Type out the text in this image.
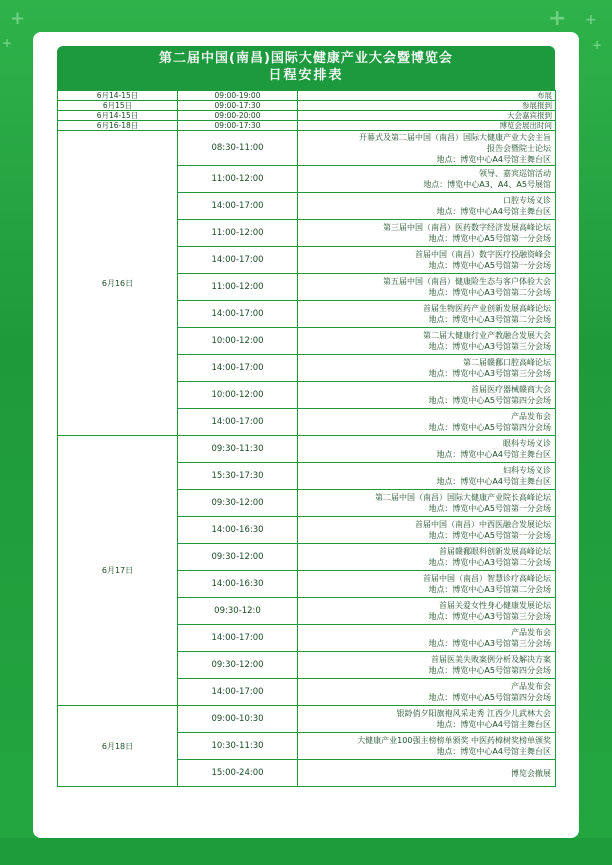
+
+
+ +
+
第二届中国(南昌)国际大健康产业大会暨博览会
日程安排表
6月14-15日	09:00-19:00	布展
6月15日	09:00-17:30	参展报到
6月14-15日	09:00-20:00	大会嘉宾报到
6月16-18日	09:00-17:30	博览会展出时间
6月16日	08:30-11:00	开幕式及第二届中国（南昌）国际大健康产业大会主旨
报告会暨院士论坛
地点：博览中心A4号馆主舞台区

	11:00-12:00	领导、嘉宾巡馆活动
地点：博览中心A3、A4、A5号展馆

	14:00-17:00	口腔专场义诊
地点：博览中心A4号馆主舞台区

	11:00-12:00	第三届中国（南昌）医药数字经济发展高峰论坛
地点：博览中心A5号馆第一分会场

	14:00-17:00	首届中国（南昌）数字医疗投融资峰会
地点：博览中心A5号馆第一分会场

	11:00-12:00	第五届中国（南昌）健康险生态与客户体验大会
地点：博览中心A3号馆第二分会场

	14:00-17:00	首届生物医药产业创新发展高峰论坛
地点：博览中心A3号馆第二分会场

	10:00-12:00	第二届大健康行业产教融合发展大会
地点：博览中心A3号馆第三分会场

	14:00-17:00	第二届赣鄱口腔高峰论坛
地点：博览中心A3号馆第三分会场

	10:00-12:00	首届医疗器械赣商大会
地点：博览中心A5号馆第四分会场

	14:00-17:00	产品发布会
地点：博览中心A5号馆第四分会场

6月17日	09:30-11:30	眼科专场义诊
地点：博览中心A4号馆主舞台区

	15:30-17:30	妇科专场义诊
地点：博览中心A4号馆主舞台区

	09:30-12:00	第二届中国（南昌）国际大健康产业院长高峰论坛
地点：博览中心A5号馆第一分会场

	14:00-16:30	首届中国（南昌）中西医融合发展论坛
地点：博览中心A5号馆第一分会场

	09:30-12:00	首届赣鄱眼科创新发展高峰论坛
地点：博览中心A3号馆第二分会场

	14:00-16:30	首届中国（南昌）智慧诊疗高峰论坛
地点：博览中心A3号馆第二分会场

	09:30-12:0	首届关爱女性身心健康发展论坛
地点：博览中心A3号馆第三分会场

	14:00-17:00	产品发布会
地点：博览中心A3号馆第三分会场

	09:30-12:00	首届医美失败案例分析及解决方案
地点：博览中心A5号馆第四分会场

	14:00-17:00	产品发布会
地点：博览中心A5号馆第四分会场

6月18日	09:00-10:30	银龄俏夕阳旗袍风采走秀 江西少儿武林大会
地点：博览中心A4号馆主舞台区

	10:30-11:30	大健康产业100强主榜榜单颁奖 中医药樟树奖榜单颁奖
地点：博览中心A4号馆主舞台区

	15:00-24:00	博览会撤展
